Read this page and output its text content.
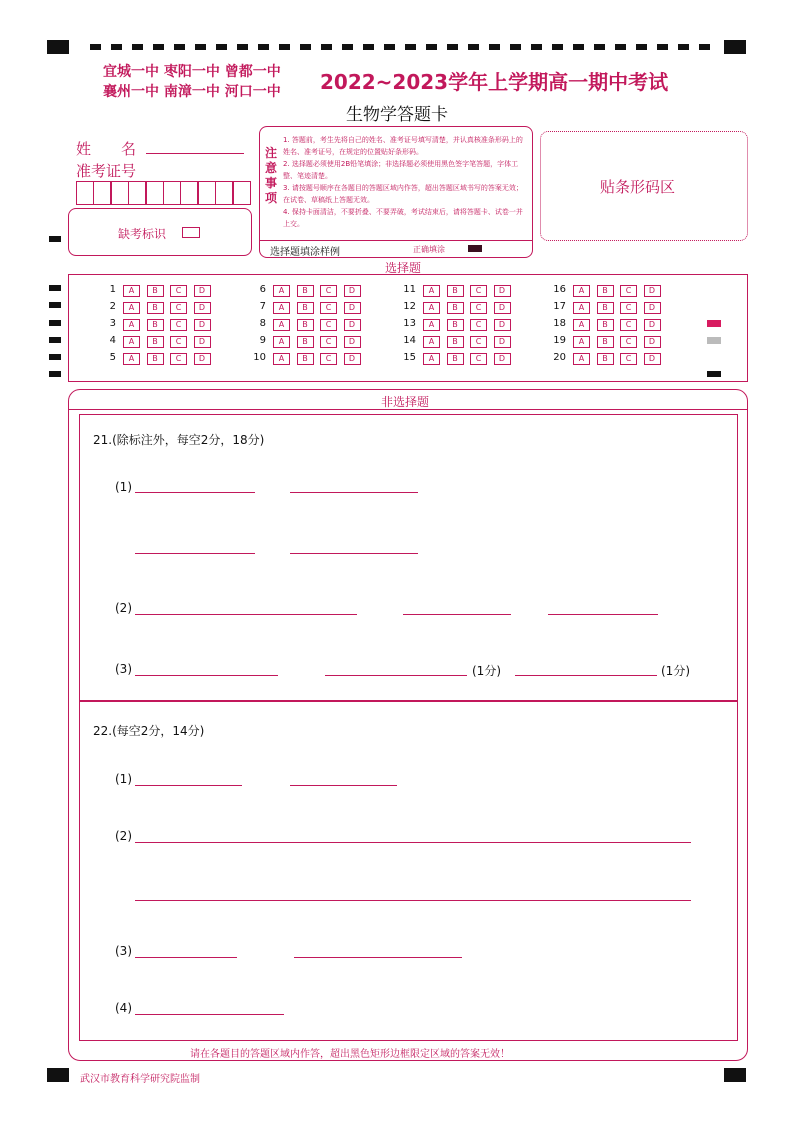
宜城一中 枣阳一中 曾都一中
襄州一中 南漳一中 河口一中 2022~2023学年上学期高一期中考试
生物学答题卡
姓　　名
准考证号
缺考标识
注意事项
1. 答题前，考生先将自己的姓名、准考证号填写清楚，并认真核准条形码上的姓名、准考证号，在规定的位置贴好条形码。
2. 选择题必须使用2B铅笔填涂；非选择题必须使用黑色签字笔答题，字体工整、笔迹清楚。
3. 请按题号顺序在各题目的答题区域内作答，超出答题区域书写的答案无效；在试卷、草稿纸上答题无效。
4. 保持卡面清洁，不要折叠、不要弄破，考试结束后，请将答题卡、试卷一并上交。
选择题填涂样例	正确填涂
贴条形码区
选择题
1	A	B	C	D
2	A	B	C	D
3	A	B	C	D
4	A	B	C	D
5	A	B	C	D
6	A	B	C	D
7	A	B	C	D
8	A	B	C	D
9	A	B	C	D
10	A	B	C	D
11	A	B	C	D
12	A	B	C	D
13	A	B	C	D
14	A	B	C	D
15	A	B	C	D
16	A	B	C	D
17	A	B	C	D
18	A	B	C	D
19	A	B	C	D
20	A	B	C	D
非选择题
21.(除标注外，每空2分，18分)
(1)
(2)
(3)	(1分)	(1分)
22.(每空2分，14分)
(1)
(2)
(3)
(4)
请在各题目的答题区域内作答，超出黑色矩形边框限定区域的答案无效！
武汉市教育科学研究院监制
